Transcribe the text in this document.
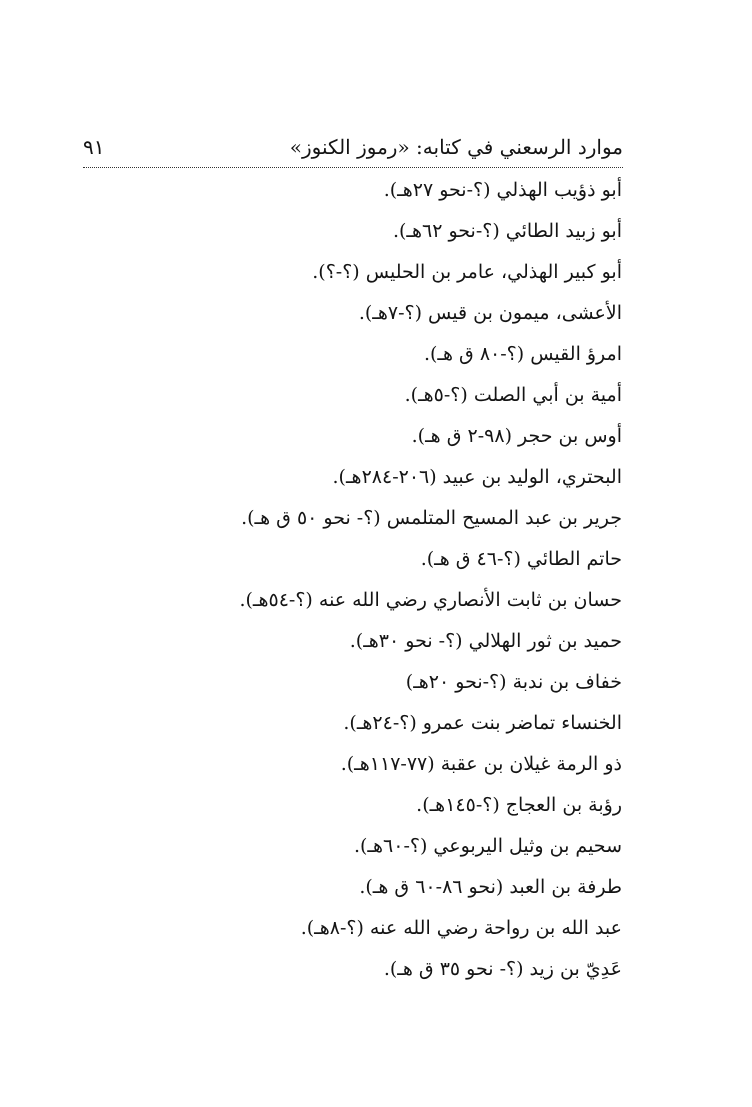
موارد الرسعني في كتابه: «رموز الكنوز»
٩١
أبو ذؤيب الهذلي (؟-نحو ٢٧هـ).
أبو زبيد الطائي (؟-نحو ٦٢هـ).
أبو كبير الهذلي، عامر بن الحليس (؟-؟).
الأعشى، ميمون بن قيس (؟-٧هـ).
امرؤ القيس (؟-٨٠ ق هـ).
أمية بن أبي الصلت (؟-٥هـ).
أوس بن حجر (٩٨-٢ ق هـ).
البحتري، الوليد بن عبيد (٢٠٦-٢٨٤هـ).
جرير بن عبد المسيح المتلمس (؟- نحو ٥٠ ق هـ).
حاتم الطائي (؟-٤٦ ق هـ).
حسان بن ثابت الأنصاري رضي الله عنه (؟-٥٤هـ).
حميد بن ثور الهلالي (؟- نحو ٣٠هـ).
خفاف بن ندبة (؟-نحو ٢٠هـ)
الخنساء تماضر بنت عمرو (؟-٢٤هـ).
ذو الرمة غيلان بن عقبة (٧٧-١١٧هـ).
رؤبة بن العجاج (؟-١٤٥هـ).
سحيم بن وثيل اليربوعي (؟-٦٠هـ).
طرفة بن العبد (نحو ٨٦-٦٠ ق هـ).
عبد الله بن رواحة رضي الله عنه (؟-٨هـ).
عَدِيّ بن زيد (؟- نحو ٣٥ ق هـ).
